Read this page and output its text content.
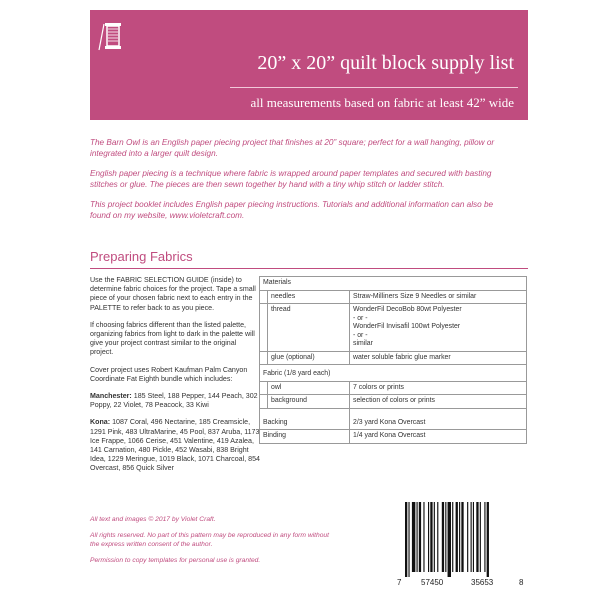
20” x 20” quilt block supply list
all measurements based on fabric at least 42” wide

The Barn Owl is an English paper piecing project that finishes at 20” square; perfect for a wall hanging, pillow or integrated into a larger quilt design.

English paper piecing is a technique where fabric is wrapped around paper templates and secured with basting stitches or glue. The pieces are then sewn together by hand with a tiny whip stitch or ladder stitch.

This project booklet includes English paper piecing instructions. Tutorials and additional information can also be found on my website, www.violetcraft.com.

Preparing Fabrics

Use the FABRIC SELECTION GUIDE (inside) to determine fabric choices for the project. Tape a small piece of your chosen fabric next to each entry in the PALETTE to refer back to as you piece.

If choosing fabrics different than the listed palette, organizing fabrics from light to dark in the palette will give your project contrast similar to the original project.

Cover project uses Robert Kaufman Palm Canyon Coordinate Fat Eighth bundle which includes:

Manchester: 185 Steel, 188 Pepper, 144 Peach, 302 Poppy, 22 Violet, 78 Peacock, 33 Kiwi

Kona: 1087 Coral, 496 Nectarine, 185 Creamsicle, 1291 Pink, 483 UltraMarine, 45 Pool, 837 Aruba, 1173 Ice Frappe, 1066 Cerise, 451 Valentine, 419 Azalea, 141 Carnation, 480 Pickle, 452 Wasabi, 838 Bright Idea, 1229 Meringue, 1019 Black, 1071 Charcoal, 854 Overcast, 856 Quick Silver

Materials		
	needles	Straw-Milliners Size 9 Needles or similar
	thread	WonderFil DecoBob 80wt Polyester
- or -
WonderFil Invisafil 100wt Polyester
- or -
similar

	glue (optional)	water soluble fabric glue marker
Fabric (1/8 yard each)		
	owl	7 colors or prints
	background	selection of colors or prints
Backing		2/3 yard Kona Overcast
Binding		1/4 yard Kona Overcast

All text and images © 2017 by Violet Craft.

All rights reserved. No part of this pattern may be reproduced in any form without the express written consent of the author.

Permission to copy templates for personal use is granted.

7 57450	35653	8
